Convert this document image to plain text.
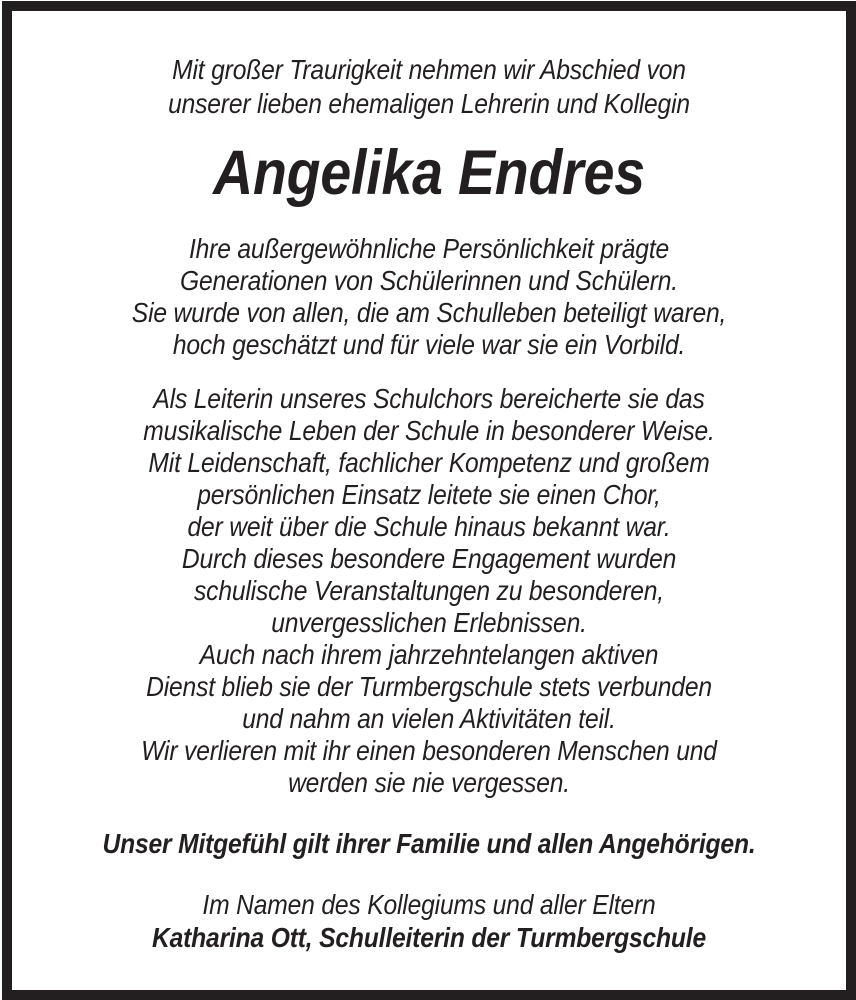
Mit großer Traurigkeit nehmen wir Abschied von
unserer lieben ehemaligen Lehrerin und Kollegin
Angelika Endres
Ihre außergewöhnliche Persönlichkeit prägte
Generationen von Schülerinnen und Schülern.
Sie wurde von allen, die am Schulleben beteiligt waren,
hoch geschätzt und für viele war sie ein Vorbild.
Als Leiterin unseres Schulchors bereicherte sie das
musikalische Leben der Schule in besonderer Weise.
Mit Leidenschaft, fachlicher Kompetenz und großem
persönlichen Einsatz leitete sie einen Chor,
der weit über die Schule hinaus bekannt war.
Durch dieses besondere Engagement wurden
schulische Veranstaltungen zu besonderen,
unvergesslichen Erlebnissen.
Auch nach ihrem jahrzehntelangen aktiven
Dienst blieb sie der Turmbergschule stets verbunden
und nahm an vielen Aktivitäten teil.
Wir verlieren mit ihr einen besonderen Menschen und
werden sie nie vergessen.
Unser Mitgefühl gilt ihrer Familie und allen Angehörigen.
Im Namen des Kollegiums und aller Eltern
Katharina Ott, Schulleiterin der Turmbergschule
